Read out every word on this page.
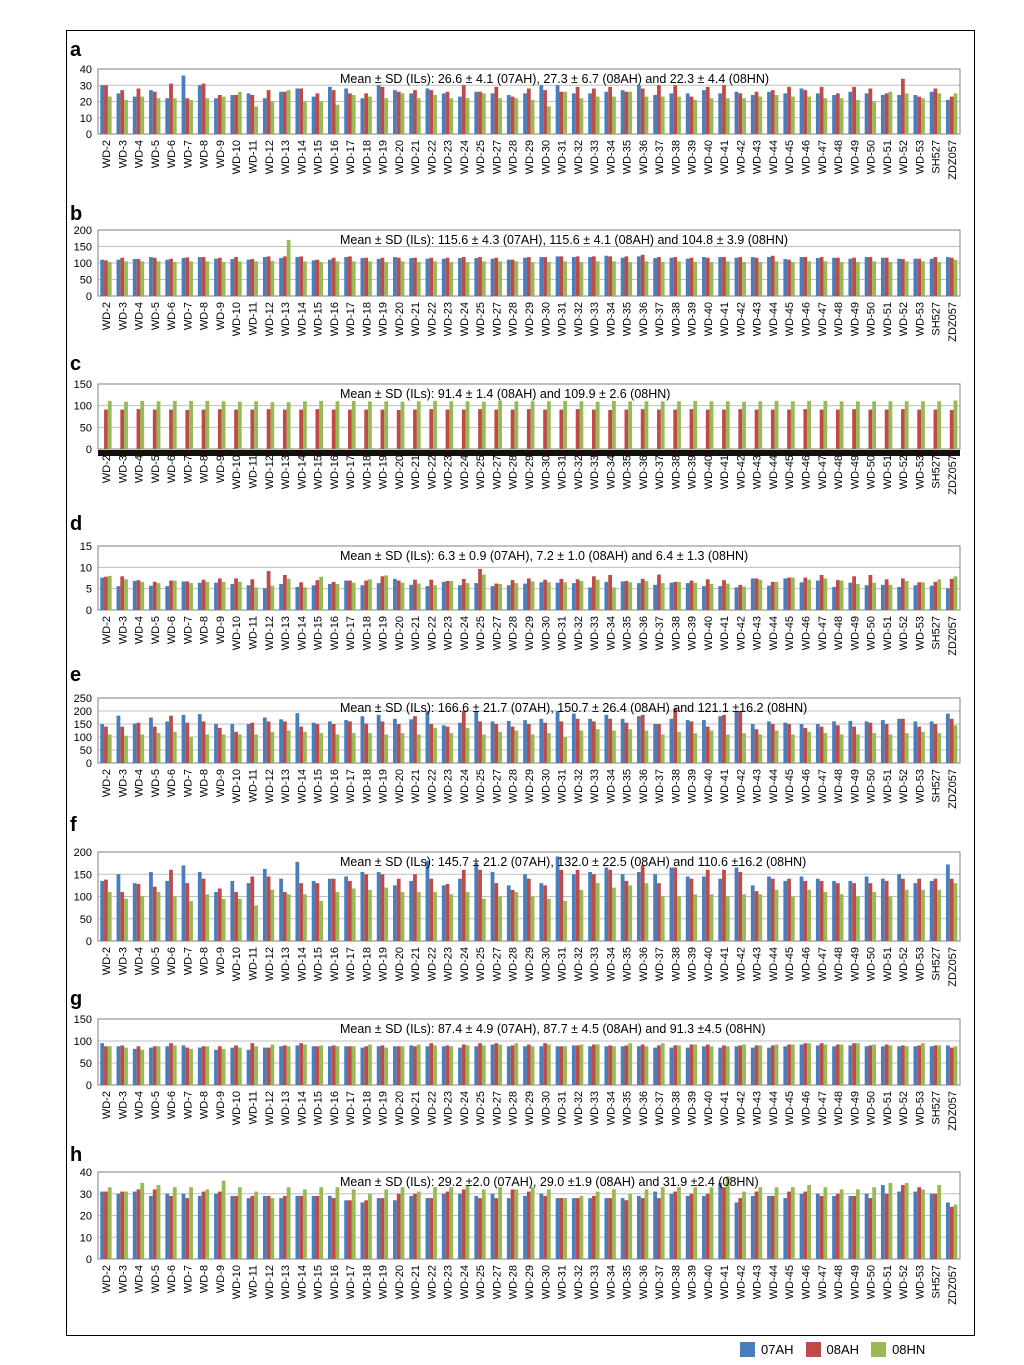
a
0
10
20
30
40
Mean ± SD (ILs): 26.6 ± 4.1 (07AH), 27.3 ± 6.7 (08AH) and 22.3 ± 4.4 (08HN)
WD-2 WD-3 WD-4 WD-5 WD-6 WD-7 WD-8 WD-9 WD-10 WD-11 WD-12 WD-13 WD-14 WD-15 WD-16 WD-17 WD-18 WD-19 WD-20 WD-21 WD-22 WD-23 WD-24 WD-25 WD-27 WD-28 WD-29 WD-30 WD-31 WD-32 WD-33 WD-34 WD-35 WD-36 WD-37 WD-38 WD-39 WD-40 WD-41 WD-42 WD-43 WD-44 WD-45 WD-46 WD-47 WD-48 WD-49 WD-50 WD-51 WD-52 WD-53 SH527 ZDZ057
b
0
50
100
150
200
Mean ± SD (ILs): 115.6 ± 4.3 (07AH), 115.6 ± 4.1 (08AH) and 104.8 ± 3.9 (08HN)
WD-2 WD-3 WD-4 WD-5 WD-6 WD-7 WD-8 WD-9 WD-10 WD-11 WD-12 WD-13 WD-14 WD-15 WD-16 WD-17 WD-18 WD-19 WD-20 WD-21 WD-22 WD-23 WD-24 WD-25 WD-27 WD-28 WD-29 WD-30 WD-31 WD-32 WD-33 WD-34 WD-35 WD-36 WD-37 WD-38 WD-39 WD-40 WD-41 WD-42 WD-43 WD-44 WD-45 WD-46 WD-47 WD-48 WD-49 WD-50 WD-51 WD-52 WD-53 SH527 ZDZ057
c
0
50
100
150
Mean ± SD (ILs): 91.4 ± 1.4 (08AH) and 109.9 ± 2.6 (08HN)
WD-2 WD-3 WD-4 WD-5 WD-6 WD-7 WD-8 WD-9 WD-10 WD-11 WD-12 WD-13 WD-14 WD-15 WD-16 WD-17 WD-18 WD-19 WD-20 WD-21 WD-22 WD-23 WD-24 WD-25 WD-27 WD-28 WD-29 WD-30 WD-31 WD-32 WD-33 WD-34 WD-35 WD-36 WD-37 WD-38 WD-39 WD-40 WD-41 WD-42 WD-43 WD-44 WD-45 WD-46 WD-47 WD-48 WD-49 WD-50 WD-51 WD-52 WD-53 SH527 ZDZ057
d
0
5
10
15
Mean ± SD (ILs): 6.3 ± 0.9 (07AH), 7.2 ± 1.0 (08AH) and 6.4 ± 1.3 (08HN)
WD-2 WD-3 WD-4 WD-5 WD-6 WD-7 WD-8 WD-9 WD-10 WD-11 WD-12 WD-13 WD-14 WD-15 WD-16 WD-17 WD-18 WD-19 WD-20 WD-21 WD-22 WD-23 WD-24 WD-25 WD-27 WD-28 WD-29 WD-30 WD-31 WD-32 WD-33 WD-34 WD-35 WD-36 WD-37 WD-38 WD-39 WD-40 WD-41 WD-42 WD-43 WD-44 WD-45 WD-46 WD-47 WD-48 WD-49 WD-50 WD-51 WD-52 WD-53 SH527 ZDZ057
e
0
50
100
150
200
250
Mean ± SD (ILs): 166.6 ± 21.7 (07AH), 150.7 ± 26.4 (08AH) and 121.1 ±16.2 (08HN)
WD-2 WD-3 WD-4 WD-5 WD-6 WD-7 WD-8 WD-9 WD-10 WD-11 WD-12 WD-13 WD-14 WD-15 WD-16 WD-17 WD-18 WD-19 WD-20 WD-21 WD-22 WD-23 WD-24 WD-25 WD-27 WD-28 WD-29 WD-30 WD-31 WD-32 WD-33 WD-34 WD-35 WD-36 WD-37 WD-38 WD-39 WD-40 WD-41 WD-42 WD-43 WD-44 WD-45 WD-46 WD-47 WD-48 WD-49 WD-50 WD-51 WD-52 WD-53 SH527 ZDZ057
f
0
50
100
150
200
Mean ± SD (ILs): 145.7 ± 21.2 (07AH), 132.0 ± 22.5 (08AH) and 110.6 ±16.2 (08HN)
WD-2 WD-3 WD-4 WD-5 WD-6 WD-7 WD-8 WD-9 WD-10 WD-11 WD-12 WD-13 WD-14 WD-15 WD-16 WD-17 WD-18 WD-19 WD-20 WD-21 WD-22 WD-23 WD-24 WD-25 WD-27 WD-28 WD-29 WD-30 WD-31 WD-32 WD-33 WD-34 WD-35 WD-36 WD-37 WD-38 WD-39 WD-40 WD-41 WD-42 WD-43 WD-44 WD-45 WD-46 WD-47 WD-48 WD-49 WD-50 WD-51 WD-52 WD-53 SH527 ZDZ057
g
0
50
100
150
Mean ± SD (ILs): 87.4 ± 4.9 (07AH), 87.7 ± 4.5 (08AH) and 91.3 ±4.5 (08HN)
WD-2 WD-3 WD-4 WD-5 WD-6 WD-7 WD-8 WD-9 WD-10 WD-11 WD-12 WD-13 WD-14 WD-15 WD-16 WD-17 WD-18 WD-19 WD-20 WD-21 WD-22 WD-23 WD-24 WD-25 WD-27 WD-28 WD-29 WD-30 WD-31 WD-32 WD-33 WD-34 WD-35 WD-36 WD-37 WD-38 WD-39 WD-40 WD-41 WD-42 WD-43 WD-44 WD-45 WD-46 WD-47 WD-48 WD-49 WD-50 WD-51 WD-52 WD-53 SH527 ZDZ057
h
0
10
20
30
40
Mean ± SD (ILs): 29.2 ±2.0 (07AH), 29.0 ±1.9 (08AH) and 31.9 ±2.4 (08HN)
WD-2 WD-3 WD-4 WD-5 WD-6 WD-7 WD-8 WD-9 WD-10 WD-11 WD-12 WD-13 WD-14 WD-15 WD-16 WD-17 WD-18 WD-19 WD-20 WD-21 WD-22 WD-23 WD-24 WD-25 WD-27 WD-28 WD-29 WD-30 WD-31 WD-32 WD-33 WD-34 WD-35 WD-36 WD-37 WD-38 WD-39 WD-40 WD-41 WD-42 WD-43 WD-44 WD-45 WD-46 WD-47 WD-48 WD-49 WD-50 WD-51 WD-52 WD-53 SH527 ZDZ057
07AH	08AH	08HN
